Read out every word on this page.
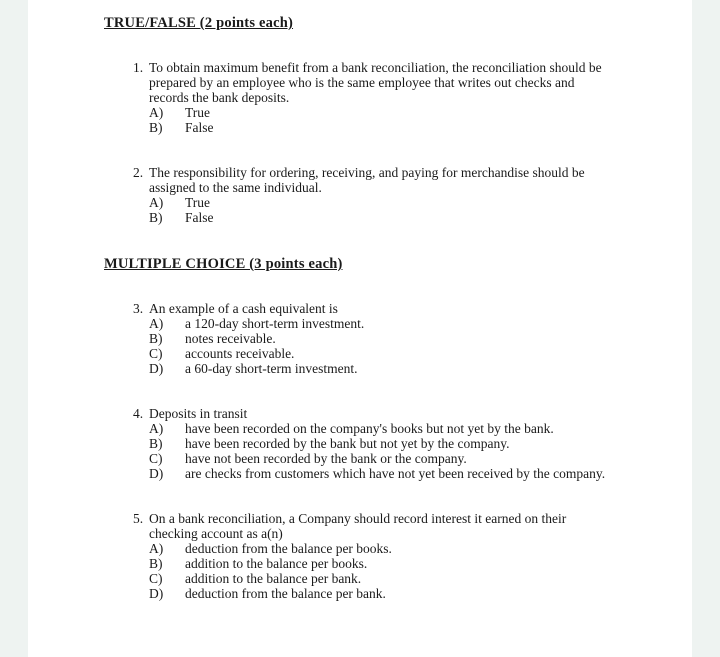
TRUE/FALSE (2 points each)
1. To obtain maximum benefit from a bank reconciliation, the reconciliation should be prepared by an employee who is the same employee that writes out checks and records the bank deposits.
A)	True
B)	False
2. The responsibility for ordering, receiving, and paying for merchandise should be assigned to the same individual.
A)	True
B)	False
MULTIPLE CHOICE (3 points each)
3. An example of a cash equivalent is
A)	a 120-day short-term investment.
B)	notes receivable.
C)	accounts receivable.
D)	a 60-day short-term investment.
4. Deposits in transit
A)	have been recorded on the company's books but not yet by the bank.
B)	have been recorded by the bank but not yet by the company.
C)	have not been recorded by the bank or the company.
D)	are checks from customers which have not yet been received by the company.
5. On a bank reconciliation, a Company should record interest it earned on their checking account as a(n)
A)	deduction from the balance per books.
B)	addition to the balance per books.
C)	addition to the balance per bank.
D)	deduction from the balance per bank.
